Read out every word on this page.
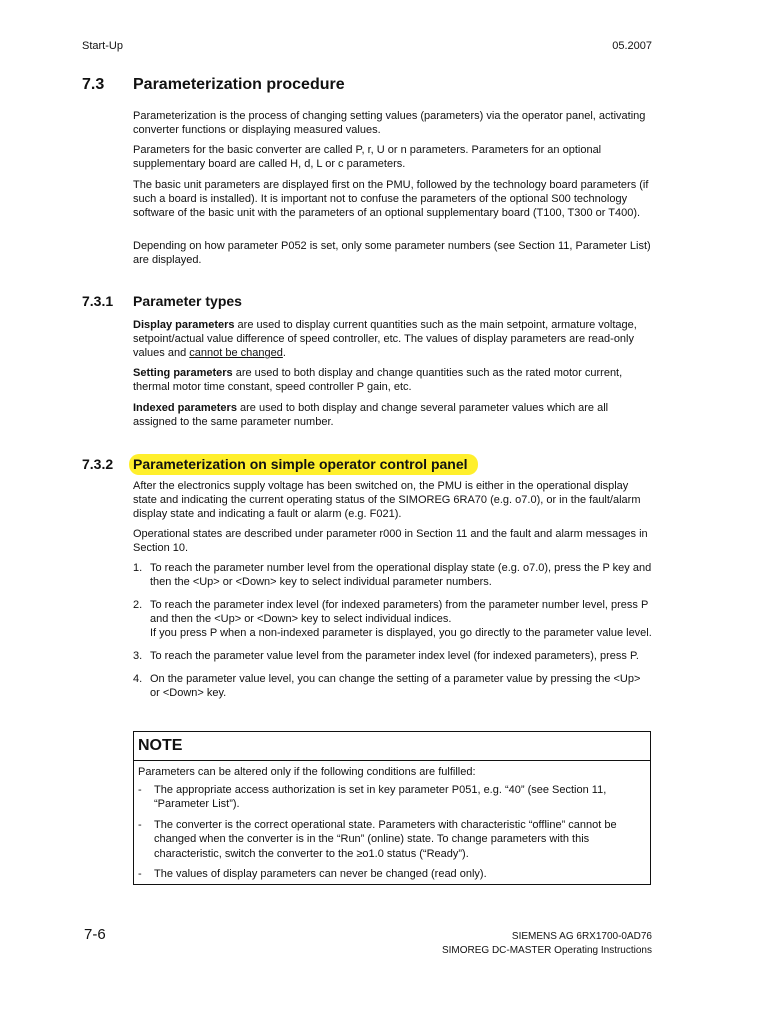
Start-Up	05.2007
7.3 Parameterization procedure
Parameterization is the process of changing setting values (parameters) via the operator panel, activating converter functions or displaying measured values.
Parameters for the basic converter are called P, r, U or n parameters. Parameters for an optional supplementary board are called H, d, L or c parameters.
The basic unit parameters are displayed first on the PMU, followed by the technology board parameters (if such a board is installed). It is important not to confuse the parameters of the optional S00 technology software of the basic unit with the parameters of an optional supplementary board (T100, T300 or T400).
Depending on how parameter P052 is set, only some parameter numbers (see Section 11, Parameter List) are displayed.
7.3.1 Parameter types
Display parameters are used to display current quantities such as the main setpoint, armature voltage, setpoint/actual value difference of speed controller, etc. The values of display parameters are read-only values and cannot be changed.
Setting parameters are used to both display and change quantities such as the rated motor current, thermal motor time constant, speed controller P gain, etc.
Indexed parameters are used to both display and change several parameter values which are all assigned to the same parameter number.
7.3.2 Parameterization on simple operator control panel
After the electronics supply voltage has been switched on, the PMU is either in the operational display state and indicating the current operating status of the SIMOREG 6RA70 (e.g. o7.0), or in the fault/alarm display state and indicating a fault or alarm (e.g. F021).
Operational states are described under parameter r000 in Section 11 and the fault and alarm messages in Section 10.
1. To reach the parameter number level from the operational display state (e.g. o7.0), press the P key and then the <Up> or <Down> key to select individual parameter numbers.
2. To reach the parameter index level (for indexed parameters) from the parameter number level, press P and then the <Up> or <Down> key to select individual indices.
If you press P when a non-indexed parameter is displayed, you go directly to the parameter value level.
3. To reach the parameter value level from the parameter index level (for indexed parameters), press P.
4. On the parameter value level, you can change the setting of a parameter value by pressing the <Up> or <Down> key.
NOTE
Parameters can be altered only if the following conditions are fulfilled:
- The appropriate access authorization is set in key parameter P051, e.g. “40” (see Section 11, “Parameter List”).
- The converter is the correct operational state. Parameters with characteristic “offline” cannot be changed when the converter is in the “Run” (online) state. To change parameters with this characteristic, switch the converter to the ≥o1.0 status (“Ready”).
- The values of display parameters can never be changed (read only).
7-6	SIEMENS AG 6RX1700-0AD76
SIMOREG DC-MASTER Operating Instructions
